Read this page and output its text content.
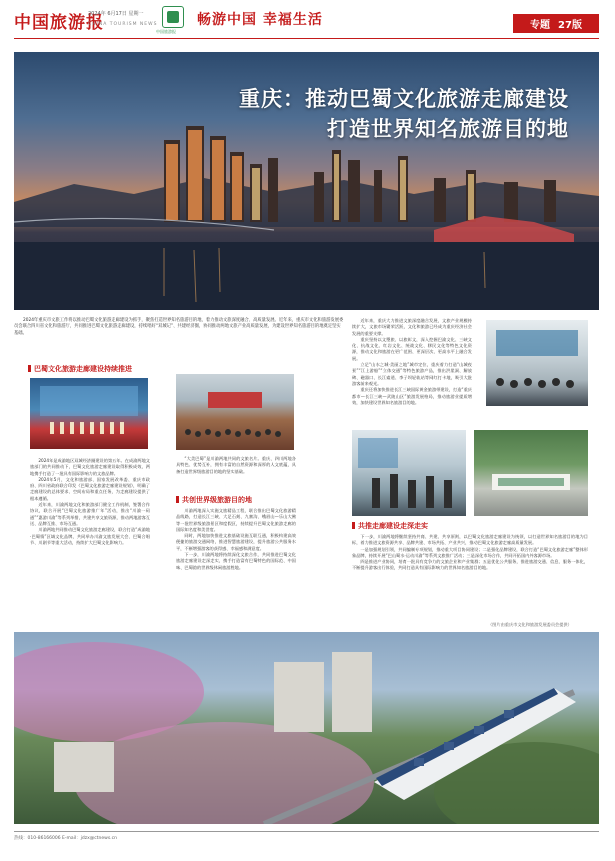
中国旅游报
2024年 6月17日 星期一
CHINA TOURISM NEWS
中国旅游报
畅游中国 幸福生活	专题 27版
重庆：推动巴蜀文化旅游走廊建设
打造世界知名旅游目的地
2024年重庆市文旅工作将以推动巴蜀文化旅游走廊建设为抓手，聚焦打造世界知名旅游目的地，着力推动文旅深度融合、高质量发展。近年来，重庆市文化和旅游发展委员会联合四川省文化和旅游厅，共同推进巴蜀文化旅游走廊建设，持续唱好“双城记”、共建经济圈，协同推动两地文旅产业高质量发展，为建设世界知名旅游目的地奠定坚实基础。
巴蜀文化旅游走廊建设持续推进

2024年是成渝地区双城经济圈建设的第五年。在成渝两地文旅部门的共同推动下，巴蜀文化旅游走廊建设取得积极成效，两地携手打造了一批具有国际影响力的文旅品牌。

2024年5月，文化和旅游部、国家发展改革委、重庆市政府、四川省政府联合印发《巴蜀文化旅游走廊建设规划》，明确了走廊建设的总体要求、空间布局和重点任务，为走廊建设提供了根本遵循。

近年来，川渝两地文化和旅游部门健全工作机制，签署合作协议，联合开展“巴蜀文化旅游推广年”活动，推出“川渝一码通”“惠游川渝”等系列举措，共建共享文旅资源，推动两地游客互送、品牌互推、市场互通。

川渝两地共同推动巴蜀文化旅游走廊建设，联合打造“成渝地·巴蜀情”区域文化品牌，共同举办川渝文旅发展大会、巴蜀合唱节、川剧节等重大活动，持续扩大巴蜀文化影响力。

“大美巴蜀”是川渝两地共同的文旅名片。重庆、四川两地各具特色、优势互补，拥有丰富的自然资源和深厚的人文底蕴，具备打造世界级旅游目的地的坚实基础。

共创世界级旅游目的地

川渝两地深入实施文旅精品工程，联合推出巴蜀文化旅游精品线路，打造长江三峡、大足石刻、九寨沟、峨眉山—乐山大佛等一批世界级旅游景区和度假区，持续提升巴蜀文化旅游走廊的国际知名度和美誉度。

同时，两地加快推进文旅基础设施互联互通，积极构建高效便捷的旅游交通网络，推进智慧旅游建设，提升旅游公共服务水平，不断增强游客的获得感、幸福感和满意度。

下一步，川渝两地将持续深化文旅合作，共同推进巴蜀文化旅游走廊建设走深走实，携手打造富有巴蜀特色的国际范、中国味、巴蜀韵的世界级休闲旅游胜地。

近年来，重庆大力推进文旅深度融合发展，文旅产业规模持续扩大，文旅市场繁荣活跃，文化和旅游已经成为重庆经济社会发展的重要支撑。

重庆坚持以文塑旅、以旅彰文，深入挖掘巴渝文化、三峡文化、抗战文化、红岩文化、统战文化、移民文化等特色文化资源，推动文化和旅游在更广范围、更深层次、更高水平上融合发展。

立足“山水之城·美丽之地”城市定位，重庆着力打造“山城夜景”“江上游船”“立体交通”等特色旅游产品，推出洪崖洞、解放碑、磁器口、长江索道、李子坝轻轨站等网红打卡地，吸引大批游客前来观光。

重庆还将加快推进长江三峡国际黄金旅游带建设，打造“重庆都市—长江三峡—武陵山区”旅游发展格局，推动旅游业提质增效，加快建设世界知名旅游目的地。

共推走廊建设走深走实

下一步，川渝两地将继续坚持共商、共建、共享原则，以巴蜀文化旅游走廊建设为统领，以打造世界知名旅游目的地为目标，着力推进文旅资源共享、品牌共建、市场共拓、产业共兴，推动巴蜀文化旅游走廊高质量发展。

一是加强规划引领，共同编制专项规划，推动重大项目协同建设；二是强化品牌建设，联合打造“巴蜀文化旅游走廊”整体形象品牌，持续开展“巴山蜀水·运动川渝”等系列文旅推广活动；三是深化市场合作，共同开拓国内外客源市场。

四是推进产业协同，培育一批具有竞争力的文旅企业和产业集群；五是优化公共服务，推进旅游交通、信息、服务一体化，不断提升游客出行体验，共同打造具有国际影响力的世界知名旅游目的地。

（图片由重庆市文化和旅游发展委员会提供）
热线：010-86166006 E-mail：jdzx@ctnews.cn
